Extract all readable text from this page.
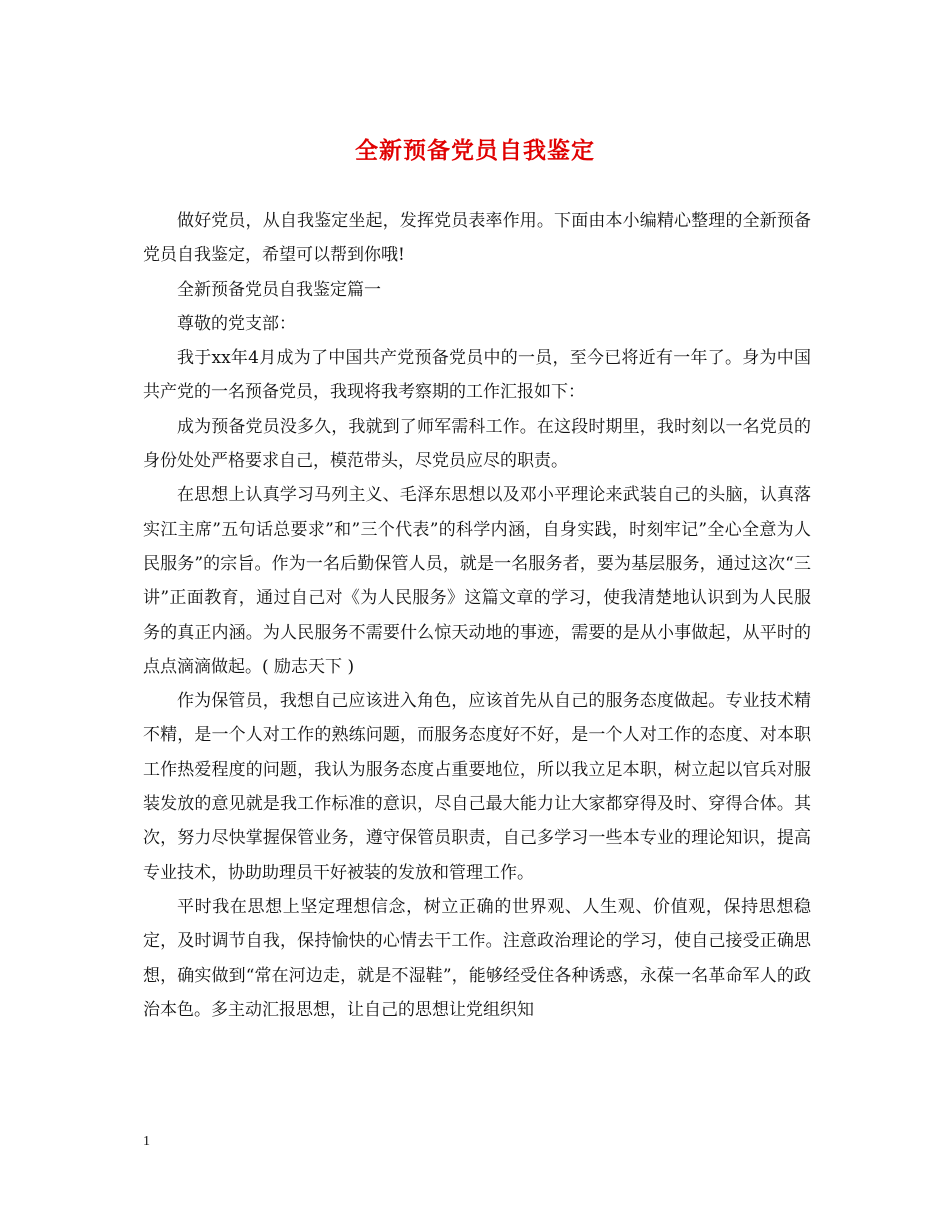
全新预备党员自我鉴定

做好党员，从自我鉴定坐起，发挥党员表率作用。下面由本小编精心整理的全新预备党员自我鉴定，希望可以帮到你哦!

全新预备党员自我鉴定篇一

尊敬的党支部：

我于xx年4月成为了中国共产党预备党员中的一员，至今已将近有一年了。身为中国共产党的一名预备党员，我现将我考察期的工作汇报如下：

成为预备党员没多久，我就到了师军需科工作。在这段时期里，我时刻以一名党员的身份处处严格要求自己，模范带头，尽党员应尽的职责。

在思想上认真学习马列主义、毛泽东思想以及邓小平理论来武装自己的头脑，认真落实江主席”五句话总要求”和”三个代表”的科学内涵，自身实践，时刻牢记”全心全意为人民服务”的宗旨。作为一名后勤保管人员，就是一名服务者，要为基层服务，通过这次“三讲”正面教育，通过自己对《为人民服务》这篇文章的学习，使我清楚地认识到为人民服务的真正内涵。为人民服务不需要什么惊天动地的事迹，需要的是从小事做起，从平时的点点滴滴做起。( 励志天下 )

作为保管员，我想自己应该进入角色，应该首先从自己的服务态度做起。专业技术精不精，是一个人对工作的熟练问题，而服务态度好不好，是一个人对工作的态度、对本职工作热爱程度的问题，我认为服务态度占重要地位，所以我立足本职，树立起以官兵对服装发放的意见就是我工作标准的意识，尽自己最大能力让大家都穿得及时、穿得合体。其次，努力尽快掌握保管业务，遵守保管员职责，自己多学习一些本专业的理论知识，提高专业技术，协助助理员干好被装的发放和管理工作。

平时我在思想上坚定理想信念，树立正确的世界观、人生观、价值观，保持思想稳定，及时调节自我，保持愉快的心情去干工作。注意政治理论的学习，使自己接受正确思想，确实做到“常在河边走，就是不湿鞋”，能够经受住各种诱惑，永葆一名革命军人的政治本色。多主动汇报思想，让自己的思想让党组织知

1
